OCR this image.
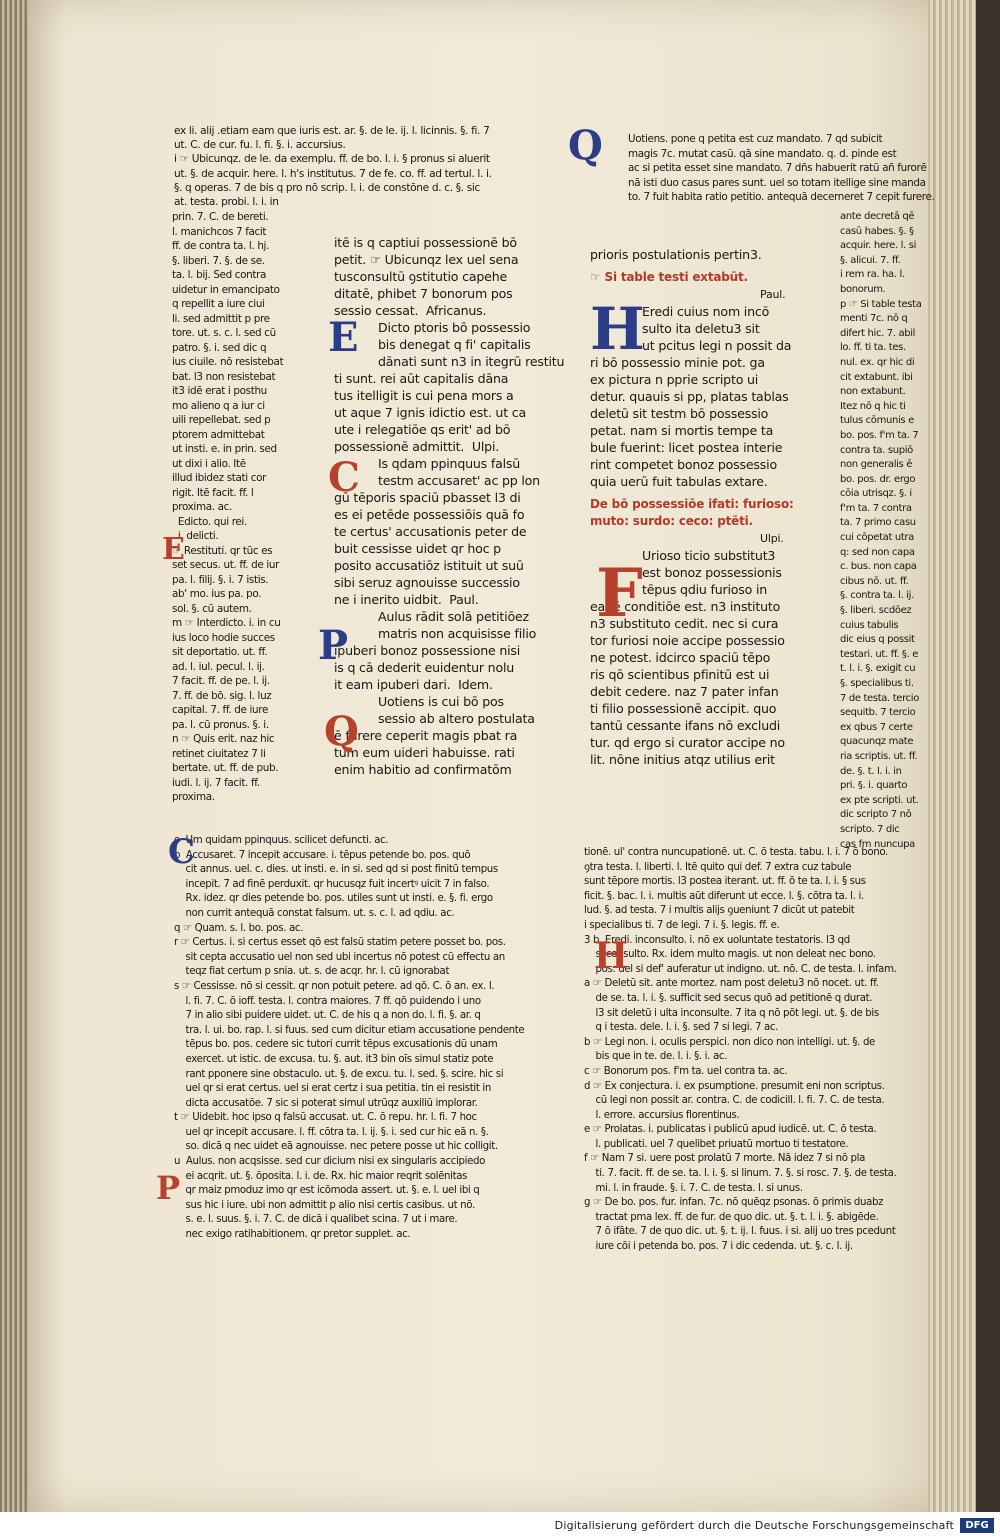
ex li. alij .etiam eam que iuris est. ar. §. de le. ij. l. licinnis. §. fi. 7

ut. C. de cur. fu. l. fi. §. i. accursius.

i ☞ Ubicunqz. de le. da exemplu. ff. de bo. l. i. § pronus si aluerit

ut. §. de acquir. here. l. h's institutus. 7 de fe. co. ff. ad tertul. l. i.

§. q operas. 7 de bis q pro nō scrip. l. i. de constōne d. c. §. sic

at. testa. probi. l. i. in

prin. 7. C. de bereti.

l. manichcos 7 facit

ff. de contra ta. l. hj.

§. liberi. 7. §. de se.

ta. l. bij. Sed contra

uidetur in emancipato

q repellit a iure ciui

li. sed admittit p pre

tore. ut. s. c. l. sed cū

patro. §. i. sed dic q

ius ciuile. nō resistebat

bat. l3 non resistebat

it3 idē erat i posthu

mo alieno q a iur ci

uili repellebat. sed p

ptorem admittebat

ut insti. e. in prin. sed

ut dixi i alio. Itē

illud ibidez stati cor

rigit. Itē facit. ff. l

proxima. ac.

Edicto. qui rei.

i. delicti.

☞ Restituti. qr tūc es

set secus. ut. ff. de iur

pa. l. filij. §. i. 7 istis.

ab' mo. ius pa. po.

sol. §. cū autem.

m ☞ Interdicto. i. in cu

ius loco hodie succes

sit deportatio. ut. ff.

ad. l. iul. pecul. l. ij.

7 facit. ff. de pe. l. ij.

7. ff. de bō. sig. l. luz

capital. 7. ff. de iure

pa. l. cū pronus. §. i.

n ☞ Quis erit. naz hic

retinet ciuitatez 7 li

bertate. ut. ff. de pub.

iudi. l. ij. 7 facit. ff.

proxima.

E

itē is q captiui possessionē bō

petit. ☞ Ubicunqz lex uel sena

tusconsultū ꝯstitutio capehe

ditatē, phibet 7 bonorum pos

sessio cessat.  Africanus.

Dicto ptoris bō possessio

bis denegat q fi' capitalis

dānati sunt n3 in itegrū restitu

ti sunt. rei aūt capitalis dāna

tus itelligit is cui pena mors a

ut aque 7 ignis idictio est. ut ca

ute i relegatiōe qs erit' ad bō

possessionē admittit.  Ulpi.

Is qdam ppinquus falsū

testm accusaret' ac pp lon

gū tēporis spaciū pbasset l3 di

es ei petēde possessiōis quā fo

te certus' accusationis peter de

buit cessisse uidet qr hoc p

posito accusatiōz istituit ut suū

sibi seruz agnouisse successio

ne i inerito uidbit.  Paul.

Aulus rādit solā petitiōez

matris non acquisisse filio

ipuberi bonoz possessione nisi

is q cā dederit euidentur nolu

it eam ipuberi dari.  Idem.

Uotiens is cui bō pos

sessio ab altero postulata

ē furere ceperit magis pbat ra

tum eum uideri habuisse. rati

enim habitio ad confirmatōm

E
C
P
Q

Uotiens. pone q petita est cuz mandato. 7 qd subicit

magis 7c. mutat casū. qā sine mandato. q. d. pinde est

ac si petita esset sine mandato. 7 dñs habuerit ratū añ furorē

nā isti duo casus pares sunt. uel so totam itellige sine manda

to. 7 fuit habita ratio petitio. antequā decerneret 7 cepit furere.

Q

prioris postulationis pertin3.

☞ Si table testi extabūt.

Paul.

Eredi cuius nom incō

sulto ita deletu3 sit

ut pcitus legi n possit da

ri bō possessio minie pot. ga

ex pictura n pprie scripto ui

detur. quauis si pp, platas tablas

deletū sit testm bō possessio

petat. nam si mortis tempe ta

bule fuerint: licet postea interie

rint competet bonoz possessio

quia uerū fuit tabulas extare.

De bō possessiōe ifati: furioso:

muto: surdo: ceco: ptēti.

Ulpi.

Urioso ticio substitut3

est bonoz possessionis

tēpus qdiu furioso in

eadē conditiōe est. n3 instituto

n3 substituto cedit. nec si cura

tor furiosi noie accipe possessio

ne potest. idcirco spaciū tēpo

ris qō scientibus pfinitū est ui

debit cedere. naz 7 pater infan

ti filio possessionē accipit. quo

tantū cessante ifans nō excludi

tur. qd ergo si curator accipe no

lit. nōne initius atqz utilius erit

H
F

ante decretā qē

casū habes. §. §

acquir. here. l. si

§. alicui. 7. ff.

i rem ra. ha. l.

bonorum.

p ☞ Si table testa

menti 7c. nō q

difert hic. 7. abil

lo. ff. ti ta. tes.

nul. ex. qr hic di

cit extabunt. ibi

non extabunt.

Itez nō q hic ti

tulus cōmunis e

bo. pos. f'm ta. 7

contra ta. supiō

non generalis ē

bo. pos. dr. ergo

cōia utrisqz. §. i

f'm ta. 7 contra

ta. 7 primo casu

cui cōpetat utra

q: sed non capa

c. bus. non capa

cibus nō. ut. ff.

§. contra ta. l. ij.

§. liberi. scdōez

cuius tabulis

dic eius q possit

testari. ut. ff. §. e

t. l. i. §. exigit cu

§. specialibus ti.

7 de testa. tercio

sequitb. 7 tercio

ex qbus 7 certe

quacunqz mate

ria scriptis. ut. ff.

de. §. t. l. i. in

pri. §. i. quarto

ex pte scripti. ut.

dic scripto 7 nō

scripto. 7 dic

cas fm nuncupa

o  Um quidam ppinquus. scilicet defuncti. ac.

p  Accusaret. 7 incepit accusare. i. tēpus petende bo. pos. quō

cit annus. uel. c. dies. ut insti. e. in si. sed qd si post finitū tempus

incepit. 7 ad finē perduxit. qr hucusqz fuit incertꝰ uicit 7 in falso.

Rx. idez. qr dies petende bo. pos. utiles sunt ut insti. e. §. fi. ergo

non currit antequā constat falsum. ut. s. c. l. ad qdiu. ac.

q ☞ Quam. s. l. bo. pos. ac.

r ☞ Certus. i. si certus esset qō est falsū statim petere posset bo. pos.

sit cepta accusatio uel non sed ubi incertus nō potest cū effectu an

teqz fiat certum p snia. ut. s. de acqr. hr. l. cū ignorabat

s ☞ Cessisse. nō si cessit. qr non potuit petere. ad qō. C. ō an. ex. l.

l. fi. 7. C. ō ioff. testa. l. contra maiores. 7 ff. qō puidendo i uno

7 in alio sibi puidere uidet. ut. C. de his q a non do. l. fi. §. ar. q

tra. l. ui. bo. rap. l. si fuus. sed cum dicitur etiam accusatione pendente

tēpus bo. pos. cedere sic tutori currit tēpus excusationis dū unam

exercet. ut istic. de excusa. tu. §. aut. it3 bin oīs simul statiz pote

rant pponere sine obstaculo. ut. §. de excu. tu. l. sed. §. scire. hic si

uel qr si erat certus. uel si erat certz i sua petitia. tin ei resistit in

dicta accusatōe. 7 sic si poterat simul utrūqz auxiliū implorar.

t ☞ Uidebit. hoc ipso q falsū accusat. ut. C. ō repu. hr. l. fi. 7 hoc

uel qr incepit accusare. l. ff. cōtra ta. l. ij. §. i. sed cur hic eā n. §.

so. dicā q nec uidet eā agnouisse. nec petere posse ut hic colligit.

u  Aulus. non acqsisse. sed cur dicium nisi ex singularis accipiedo

ei acqrit. ut. §. ōposita. l. i. de. Rx. hic maior reqrit solēnitas

qr maiz pmoduz imo qr est icōmoda assert. ut. §. e. l. uel ibi q

sus hic i iure. ubi non admittit p alio nisi certis casibus. ut nō.

s. e. l. suus. §. i. 7. C. de dicā i qualibet scina. 7 ut i mare.

nec exigo ratihabitionem. qr pretor supplet. ac.

C
P

tionē. ul' contra nuncupationē. ut. C. ō testa. tabu. l. i. 7 ō bono.

ꝯtra testa. l. liberti. l. Itē quito qui def. 7 extra cuz tabule

sunt tēpore mortis. l3 postea iterant. ut. ff. ō te ta. l. i. § sus

ficit. §. bac. l. i. multis aūt diferunt ut ecce. l. §. cōtra ta. l. i.

lud. §. ad testa. 7 i multis alijs ꝯueniunt 7 dicūt ut patebit

i specialibus ti. 7 de legi. 7 i. §. legis. ff. e.

3 b  Eredi. inconsulto. i. nō ex uoluntate testatoris. l3 qd

si consulto. Rx. idem multo magis. ut non deleat nec bono.

pos. uel si def' auferatur ut indigno. ut. nō. C. de testa. l. infam.

a ☞ Deletū sit. ante mortez. nam post deletu3 nō nocet. ut. ff.

de se. ta. l. i. §. sufficit sed secus quō ad petitionē q durat.

l3 sit deletū i ulta inconsulte. 7 ita q nō pōt legi. ut. §. de bis

q i testa. dele. l. i. §. sed 7 si legi. 7 ac.

b ☞ Legi non. i. oculis perspici. non dico non intelligi. ut. §. de

bis que in te. de. l. i. §. i. ac.

c ☞ Bonorum pos. f'm ta. uel contra ta. ac.

d ☞ Ex conjectura. i. ex psumptione. presumit eni non scriptus.

cū legi non possit ar. contra. C. de codicill. l. fi. 7. C. de testa.

l. errore. accursius florentinus.

e ☞ Prolatas. i. publicatas i publicū apud iudicē. ut. C. ō testa.

l. publicati. uel 7 quelibet priuatū mortuo ti testatore.

f ☞ Nam 7 si. uere post prolatū 7 morte. Nā idez 7 si nō pla

ti. 7. facit. ff. de se. ta. l. i. §. si linum. 7. §. si rosc. 7. §. de testa.

mi. l. in fraude. §. i. 7. C. de testa. l. si unus.

g ☞ De bo. pos. fur. infan. 7c. nō quēqz psonas. ō primis duabz

tractat pma lex. ff. de fur. de quo dic. ut. §. t. l. i. §. abigēde.

7 ō ifāte. 7 de quo dic. ut. §. t. ij. l. fuus. i si. alij uo tres pcedunt

iure cōi i petenda bo. pos. 7 i dic cedenda. ut. §. c. l. ij.

H
Digitalisierung gefördert durch die Deutsche Forschungsgemeinschaft	DFG
